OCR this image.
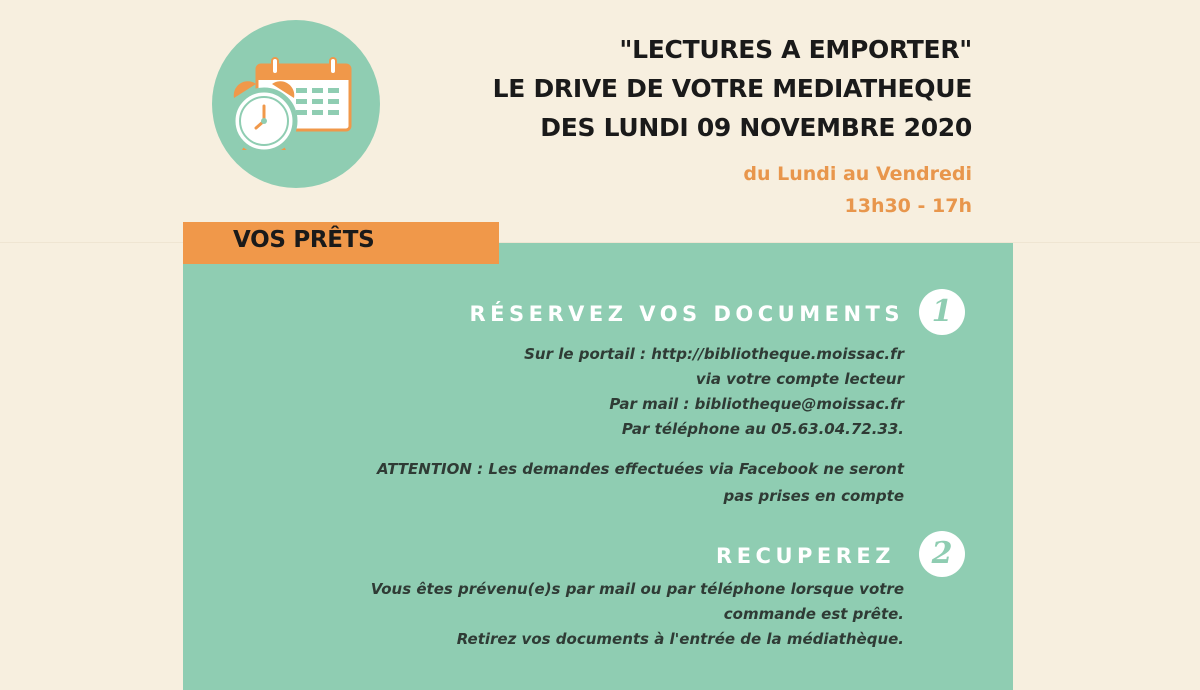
"LECTURES A EMPORTER"
LE DRIVE DE VOTRE MEDIATHEQUE
DES LUNDI 09 NOVEMBRE 2020
du Lundi au Vendredi
13h30 - 17h
VOS PRÊTS
RÉSERVEZ VOS DOCUMENTS 1
Sur le portail : http://bibliotheque.moissac.fr
via votre compte lecteur
Par mail : bibliotheque@moissac.fr
Par téléphone au 05.63.04.72.33.
ATTENTION : Les demandes effectuées via Facebook ne seront
pas prises en compte
RECUPEREZ	2
Vous êtes prévenu(e)s par mail ou par téléphone lorsque votre
commande est prête.
Retirez vos documents à l'entrée de la médiathèque.
